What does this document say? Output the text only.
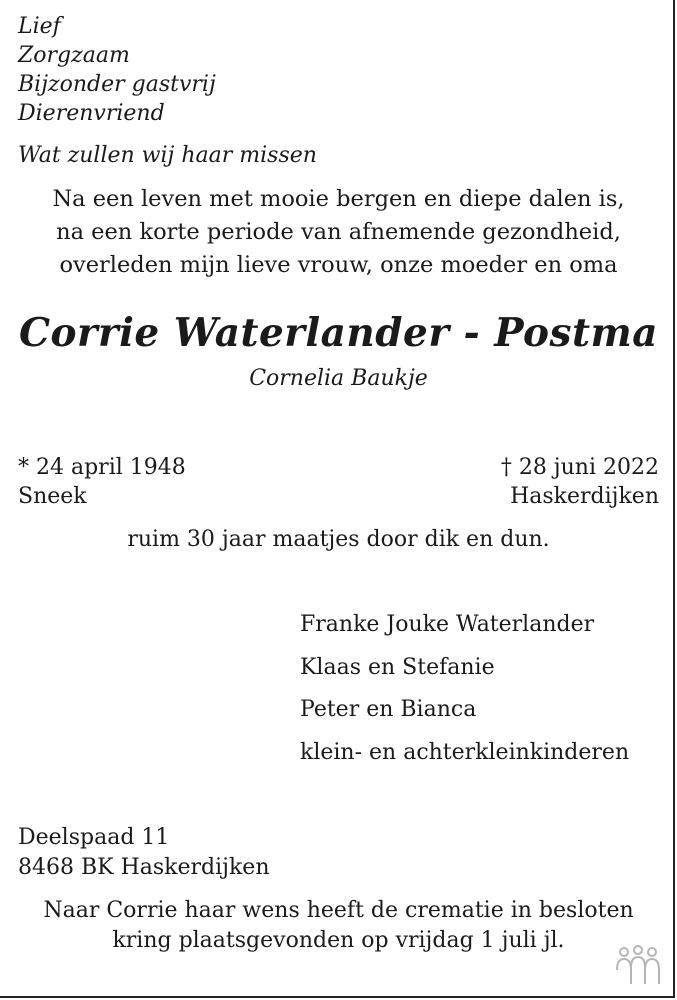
Lief
Zorgzaam
Bijzonder gastvrij
Dierenvriend
Wat zullen wij haar missen
Na een leven met mooie bergen en diepe dalen is,
na een korte periode van afnemende gezondheid,
overleden mijn lieve vrouw, onze moeder en oma
Corrie Waterlander - Postma
Cornelia Baukje
* 24 april 1948
Sneek
† 28 juni 2022
Haskerdijken
ruim 30 jaar maatjes door dik en dun.
Franke Jouke Waterlander
Klaas en Stefanie
Peter en Bianca
klein- en achterkleinkinderen
Deelspaad 11
8468 BK Haskerdijken
Naar Corrie haar wens heeft de crematie in besloten
kring plaatsgevonden op vrijdag 1 juli jl.
